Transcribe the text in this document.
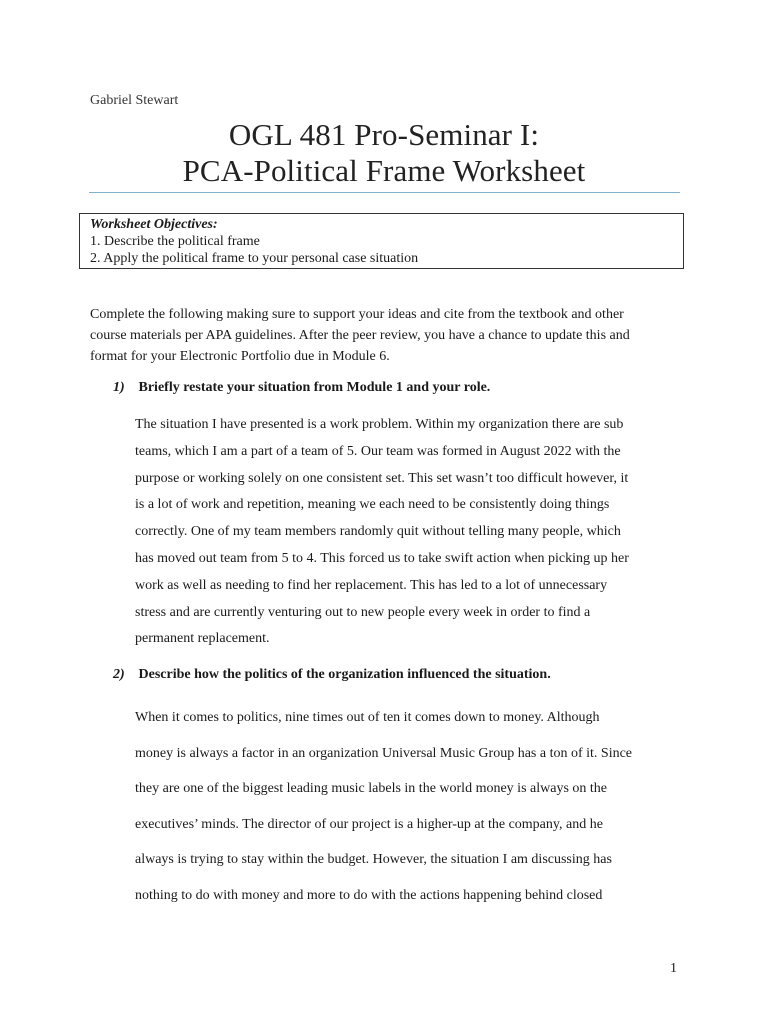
Gabriel Stewart
OGL 481 Pro-Seminar I:
PCA-Political Frame Worksheet
Worksheet Objectives:
1. Describe the political frame
2. Apply the political frame to your personal case situation
Complete the following making sure to support your ideas and cite from the textbook and other
course materials per APA guidelines. After the peer review, you have a chance to update this and
format for your Electronic Portfolio due in Module 6.
1) Briefly restate your situation from Module 1 and your role.
The situation I have presented is a work problem. Within my organization there are sub
teams, which I am a part of a team of 5. Our team was formed in August 2022 with the
purpose or working solely on one consistent set. This set wasn’t too difficult however, it
is a lot of work and repetition, meaning we each need to be consistently doing things
correctly. One of my team members randomly quit without telling many people, which
has moved out team from 5 to 4. This forced us to take swift action when picking up her
work as well as needing to find her replacement. This has led to a lot of unnecessary
stress and are currently venturing out to new people every week in order to find a
permanent replacement.
2) Describe how the politics of the organization influenced the situation.
When it comes to politics, nine times out of ten it comes down to money. Although
money is always a factor in an organization Universal Music Group has a ton of it. Since
they are one of the biggest leading music labels in the world money is always on the
executives’ minds. The director of our project is a higher-up at the company, and he
always is trying to stay within the budget. However, the situation I am discussing has
nothing to do with money and more to do with the actions happening behind closed
1
